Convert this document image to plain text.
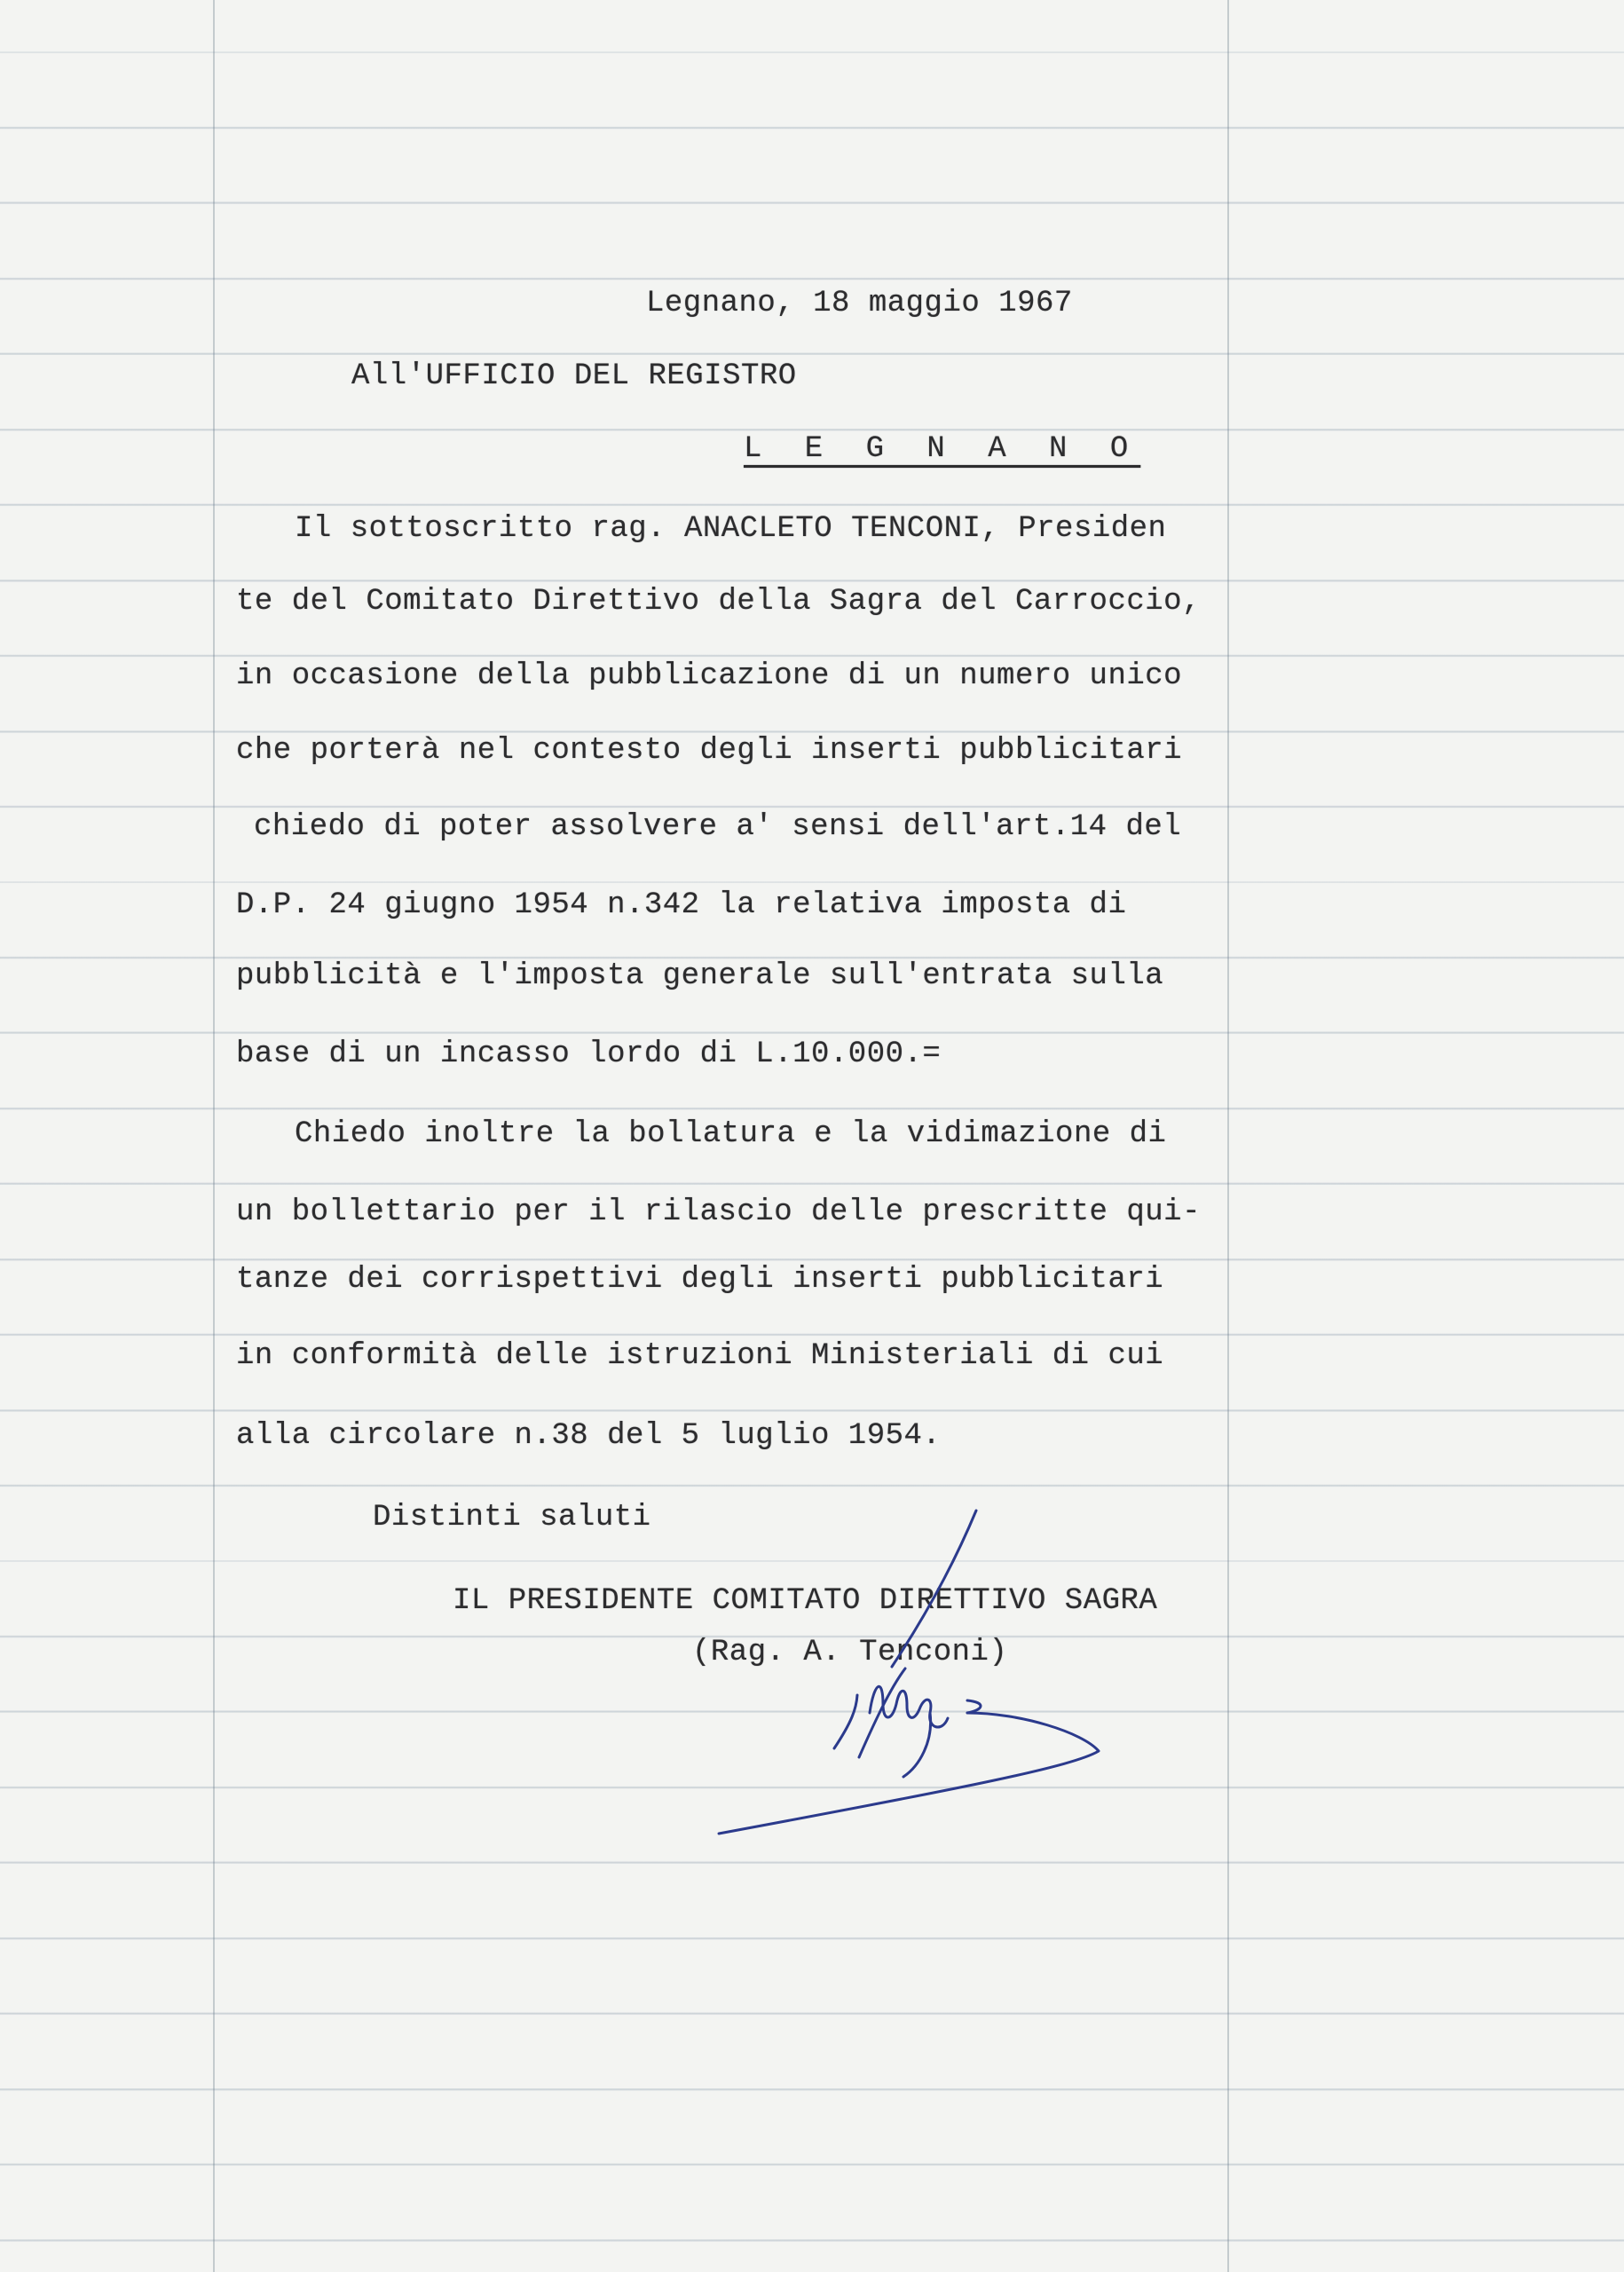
Legnano, 18 maggio 1967
All'UFFICIO DEL REGISTRO
L E G N A N O
Il sottoscritto rag. ANACLETO TENCONI, Presiden
te del Comitato Direttivo della Sagra del Carroccio,
in occasione della pubblicazione di un numero unico
che porterà nel contesto degli inserti pubblicitari
chiedo di poter assolvere a' sensi dell'art.14 del
D.P. 24 giugno 1954 n.342 la relativa imposta di
pubblicità e l'imposta generale sull'entrata sulla
base di un incasso lordo di L.10.000.=
Chiedo inoltre la bollatura e la vidimazione di
un bollettario per il rilascio delle prescritte qui-
tanze dei corrispettivi degli inserti pubblicitari
in conformità delle istruzioni Ministeriali di cui
alla circolare n.38 del 5 luglio 1954.
Distinti saluti
IL PRESIDENTE COMITATO DIRETTIVO SAGRA
(Rag. A. Tenconi)
